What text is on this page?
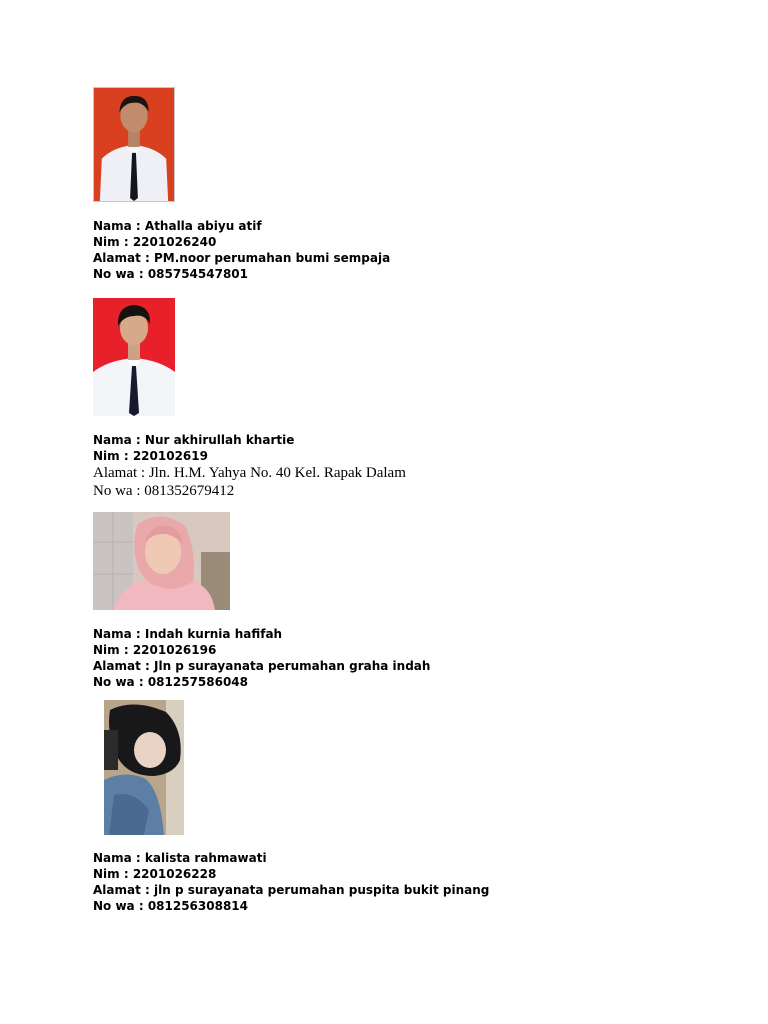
Nama : Athalla abiyu atif
Nim : 2201026240
Alamat : PM.noor perumahan bumi sempaja
No wa : 085754547801
Nama : Nur akhirullah khartie
Nim : 220102619
Alamat : Jln. H.M. Yahya No. 40 Kel. Rapak Dalam
No wa : 081352679412
Nama : Indah kurnia hafifah
Nim : 2201026196
Alamat : Jln p surayanata perumahan graha indah
No wa : 081257586048
Nama : kalista rahmawati
Nim : 2201026228
Alamat : jln p surayanata perumahan puspita bukit pinang
No wa : 081256308814
